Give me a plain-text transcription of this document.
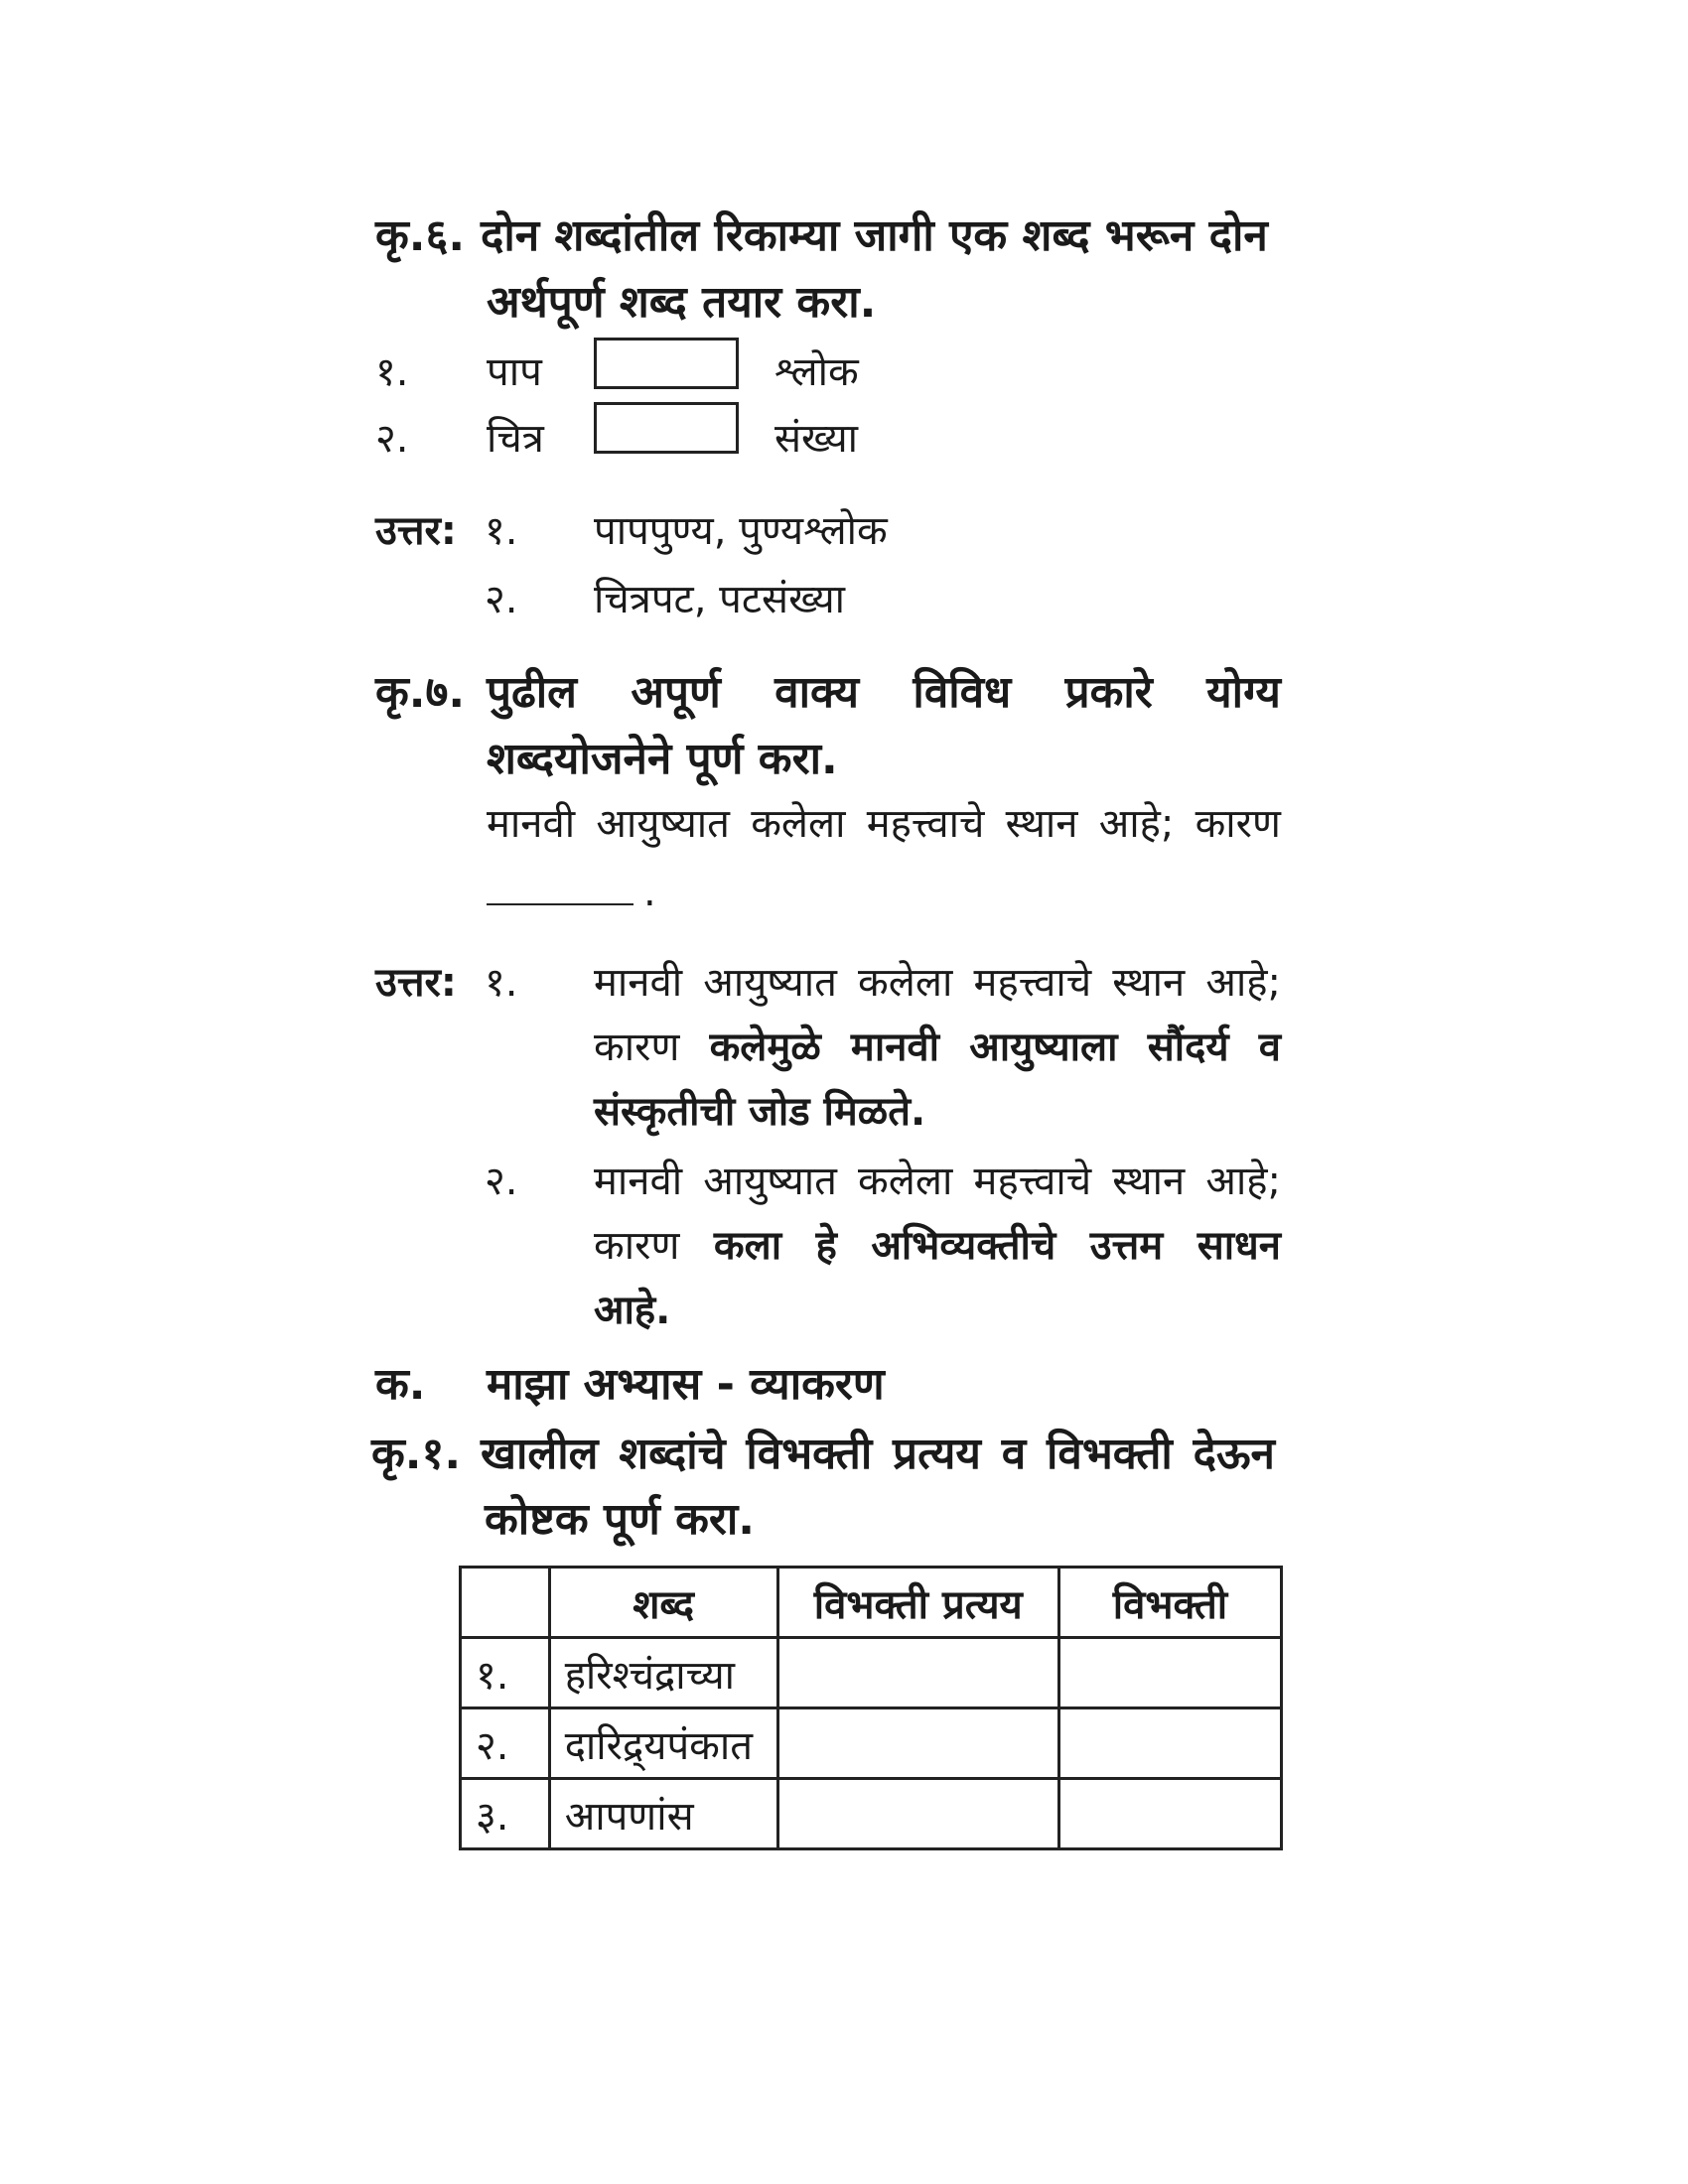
कृ.६. दोन शब्दांतील रिकाम्या जागी एक शब्द भरून दोन
अर्थपूर्ण शब्द तयार करा.
१. पाप	श्लोक
२. चित्र	संख्या
उत्तर: १. पापपुण्य, पुण्यश्लोक
२. चित्रपट, पटसंख्या
कृ.७. पुढील अपूर्ण वाक्य विविध प्रकारे योग्य
शब्दयोजनेने पूर्ण करा.
मानवी आयुष्यात कलेला महत्त्वाचे स्थान आहे; कारण
.
उत्तर: १. मानवी आयुष्यात कलेला महत्त्वाचे स्थान आहे;
कारण कलेमुळे मानवी आयुष्याला सौंदर्य व
संस्कृतीची जोड मिळते.
२. मानवी आयुष्यात कलेला महत्त्वाचे स्थान आहे;
कारण कला हे अभिव्यक्तीचे उत्तम साधन
आहे.
क. माझा अभ्यास - व्याकरण
कृ.१. खालील शब्दांचे विभक्ती प्रत्यय व विभक्ती देऊन
कोष्टक पूर्ण करा.
	शब्द	विभक्ती प्रत्यय	विभक्ती
१.	हरिश्चंद्राच्या		
२.	दारिद्र्यपंकात		
३.	आपणांस		
